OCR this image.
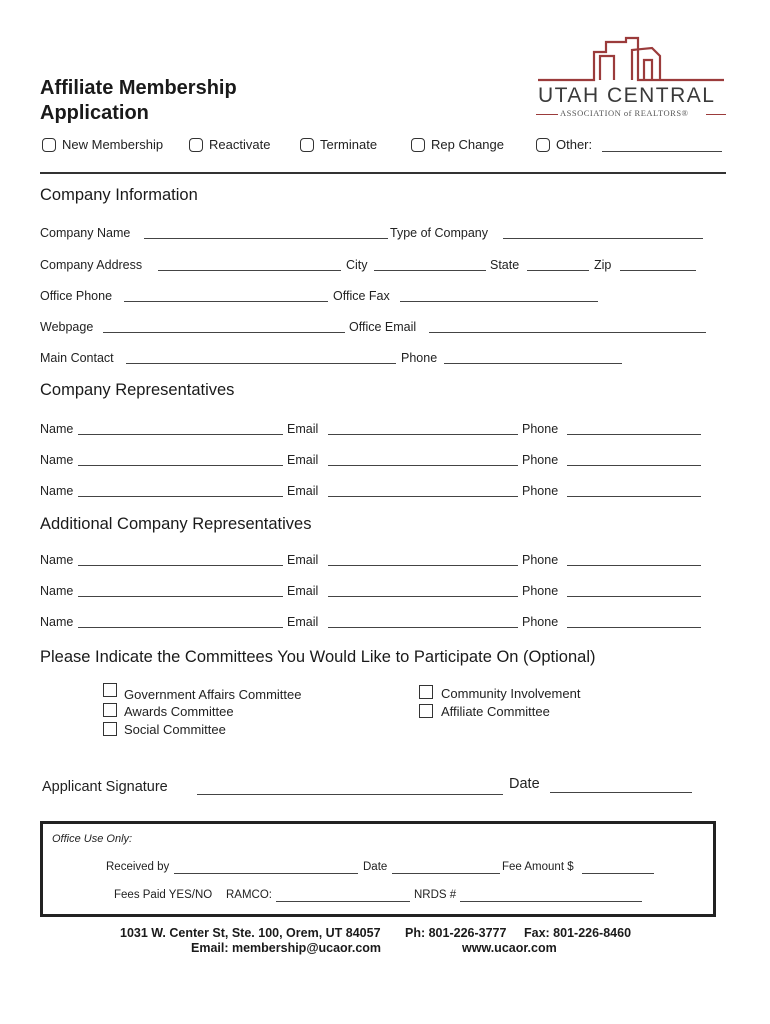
Affiliate Membership
Application
UTAH CENTRAL
ASSOCIATION of REALTORS®
New Membership	Reactivate	Terminate	Rep Change	Other:
Company Information
Company Name	Type of Company
Company Address	City	State	Zip
Office Phone	Office Fax
Webpage	Office Email
Main Contact	Phone
Company Representatives
Name	Email	Phone
Name	Email	Phone
Name	Email	Phone
Additional Company Representatives
Name	Email	Phone
Name	Email	Phone
Name	Email	Phone
Please Indicate the Committees You Would Like to Participate On (Optional)
Government Affairs Committee
Awards Committee
Social Committee
Community Involvement
Affiliate Committee
Applicant Signature	Date
Office Use Only:
Received by	Date	Fee Amount $
Fees Paid YES/NO RAMCO:	NRDS #
1031 W. Center St, Ste. 100, Orem, UT 84057 Ph: 801-226-3777 Fax: 801-226-8460
Email: membership@ucaor.com	www.ucaor.com
